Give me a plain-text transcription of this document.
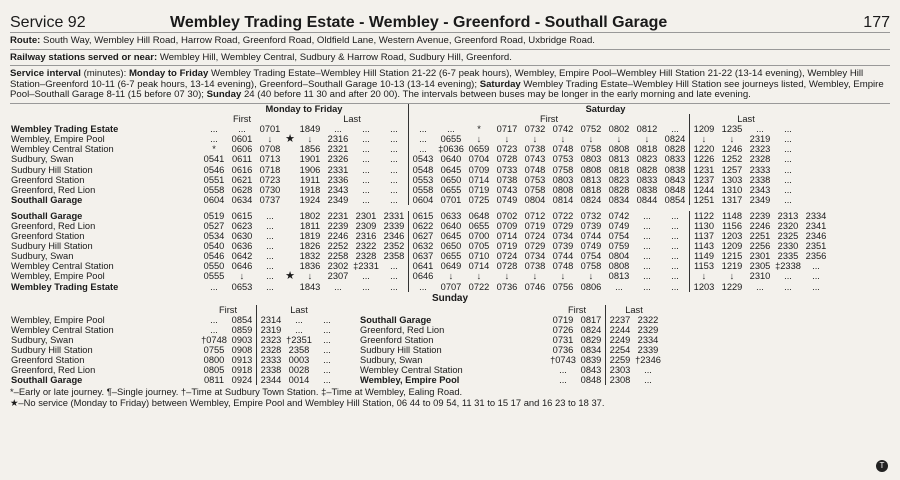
Service 92	Wembley Trading Estate - Wembley - Greenford - Southall Garage	177
Route: South Way, Wembley Hill Road, Harrow Road, Greenford Road, Oldfield Lane, Western Avenue, Greenford Road, Uxbridge Road.
Railway stations served or near: Wembley Hill, Wembley Central, Sudbury & Harrow Road, Sudbury Hill, Greenford.
Service interval (minutes): Monday to Friday Wembley Trading Estate–Wembley Hill Station 21-22 (6-7 peak hours), Wembley, Empire Pool–Wembley Hill Station 21-22 (13-14 evening), Wembley Hill Station–Greenford 10-11 (6-7 peak hours, 13-14 evening), Greenford–Southall Garage 10-13 (13-14 evening); Saturday Wembley Trading Estate–Wembley Hill Station see journeys listed, Wembley, Empire Pool–Southall Garage 8-11 (15 before 07 30); Sunday 24 (40 before 11 30 and after 20 00). The intervals between buses may be longer in the early morning and late evening.
	Monday to Friday								Saturday														
	First				Last				First										Last				
Wembley Trading Estate	...	...	0701		1849	...	...	...	...	...	*	0717	0732	0742	0752	0802	0812	...	1209	1235	...	...	
Wembley, Empire Pool	...	0601	↓	★	↓	2316	...	...	...	0655	↓	↓	↓	↓	↓	↓	↓	0824	↓	↓	2319	...	
Wembley Central Station	*	0606	0708		1856	2321	...	...	...	‡0636	0659	0723	0738	0748	0758	0808	0818	0828	1220	1246	2323	...	
Sudbury, Swan	0541	0611	0713		1901	2326	...	...	0543	0640	0704	0728	0743	0753	0803	0813	0823	0833	1226	1252	2328	...	
Sudbury Hill Station	0546	0616	0718		1906	2331	...	...	0548	0645	0709	0733	0748	0758	0808	0818	0828	0838	1231	1257	2333	...	
Greenford Station	0551	0621	0723		1911	2336	...	...	0553	0650	0714	0738	0753	0803	0813	0823	0833	0843	1237	1303	2338	...	
Greenford, Red Lion	0558	0628	0730		1918	2343	...	...	0558	0655	0719	0743	0758	0808	0818	0828	0838	0848	1244	1310	2343	...	
Southall Garage	0604	0634	0737		1924	2349	...	...	0604	0701	0725	0749	0804	0814	0824	0834	0844	0854	1251	1317	2349	...	

Southall Garage	0519	0615	...		1802	2231	2301	2331	0615	0633	0648	0702	0712	0722	0732	0742	...	...	1122	1148	2239	2313	2334
Greenford, Red Lion	0527	0623	...		1811	2239	2309	2339	0622	0640	0655	0709	0719	0729	0739	0749	...	...	1130	1156	2246	2320	2341
Greenford Station	0534	0630	...		1819	2246	2316	2346	0627	0645	0700	0714	0724	0734	0744	0754	...	...	1137	1203	2251	2325	2346
Sudbury Hill Station	0540	0636	...		1826	2252	2322	2352	0632	0650	0705	0719	0729	0739	0749	0759	...	...	1143	1209	2256	2330	2351
Sudbury, Swan	0546	0642	...		1832	2258	2328	2358	0637	0655	0710	0724	0734	0744	0754	0804	...	...	1149	1215	2301	2335	2356
Wembley Central Station	0550	0646	...		1836	2302	‡2331	...	0641	0649	0714	0728	0738	0748	0758	0808	...	...	1153	1219	2305	‡2338	...
Wembley, Empire Pool	0555	↓	...	★	↓	2307	...	...	0646	↓	↓	↓	↓	↓	↓	0813	...	...	↓	↓	2310	...	...
Wembley Trading Estate	...	0653	...		1843	...	...	...	...	0707	0722	0736	0746	0756	0806	...	...	...	1203	1229	...	...	...
Sunday
	First		Last		
Wembley, Empire Pool	...	0854	2314	...	...
Wembley Central Station	...	0859	2319	...	...
Sudbury, Swan	†0748	0903	2323	†2351	...
Sudbury Hill Station	0755	0908	2328	2358	...
Greenford Station	0800	0913	2333	0003	...
Greenford, Red Lion	0805	0918	2338	0028	...
Southall Garage	0811	0924	2344	0014	...
	First		Last	
Southall Garage	0719	0817	2237	2322
Greenford, Red Lion	0726	0824	2244	2329
Greenford Station	0731	0829	2249	2334
Sudbury Hill Station	0736	0834	2254	2339
Sudbury, Swan	†0743	0839	2259	†2346
Wembley Central Station	...	0843	2303	...
Wembley, Empire Pool	...	0848	2308	...
*–Early or late journey. ¶–Single journey. †–Time at Sudbury Town Station. ‡–Time at Wembley, Ealing Road.
★–No service (Monday to Friday) between Wembley, Empire Pool and Wembley Hill Station, 06 44 to 09 54, 11 31 to 15 17 and 16 23 to 18 37.
T
